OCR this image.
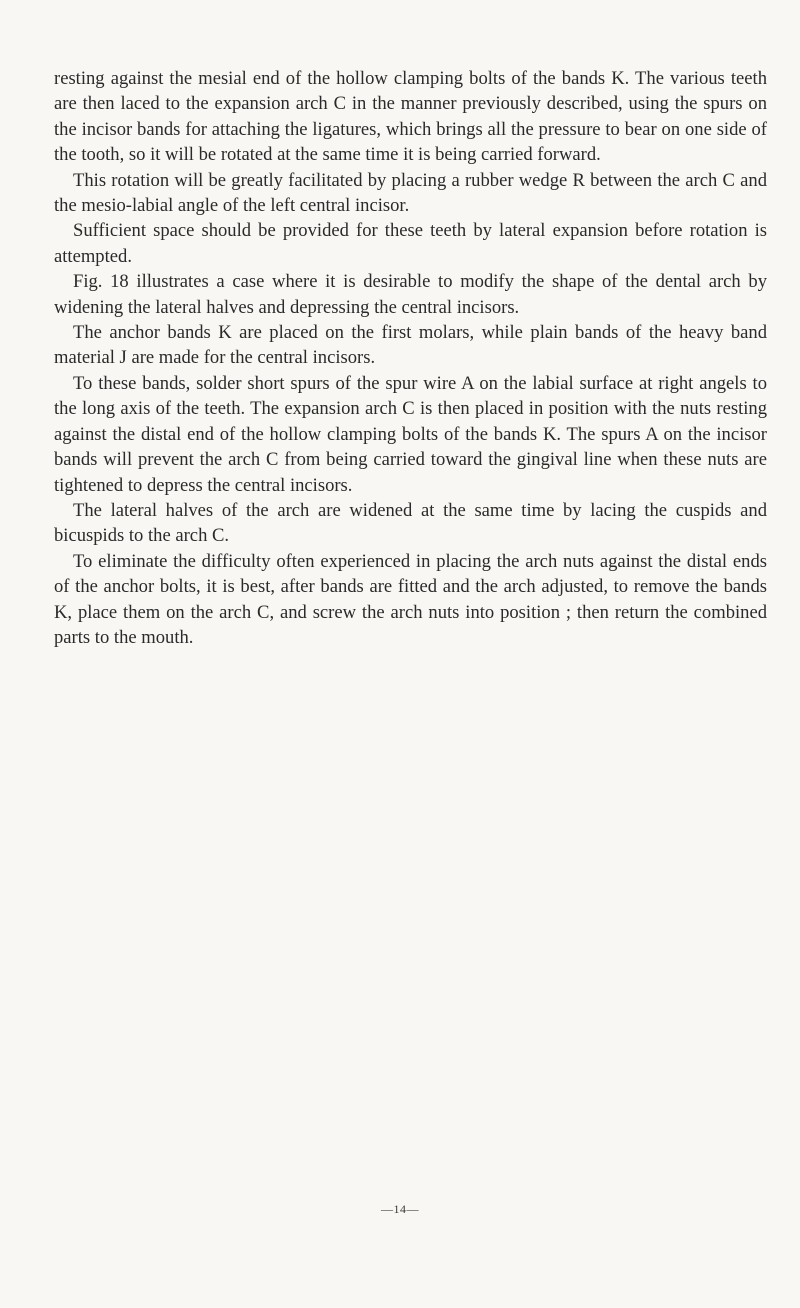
resting against the mesial end of the hollow clamping bolts of the bands K. The various teeth are then laced to the expansion arch C in the manner previously described, using the spurs on the incisor bands for attaching the ligatures, which brings all the pressure to bear on one side of the tooth, so it will be rotated at the same time it is being carried forward.

This rotation will be greatly facilitated by placing a rubber wedge R between the arch C and the mesio-labial angle of the left central incisor.

Sufficient space should be provided for these teeth by lateral expansion before rotation is attempted.

Fig. 18 illustrates a case where it is desirable to modify the shape of the dental arch by widening the lateral halves and depressing the central incisors.

The anchor bands K are placed on the first molars, while plain bands of the heavy band material J are made for the central incisors.

To these bands, solder short spurs of the spur wire A on the labial surface at right angels to the long axis of the teeth. The expansion arch C is then placed in position with the nuts resting against the distal end of the hollow clamping bolts of the bands K. The spurs A on the incisor bands will prevent the arch C from being carried toward the gingival line when these nuts are tightened to depress the central incisors.

The lateral halves of the arch are widened at the same time by lacing the cuspids and bicuspids to the arch C.

To eliminate the difficulty often experienced in placing the arch nuts against the distal ends of the anchor bolts, it is best, after bands are fitted and the arch adjusted, to remove the bands K, place them on the arch C, and screw the arch nuts into position ; then return the combined parts to the mouth.

—14—
